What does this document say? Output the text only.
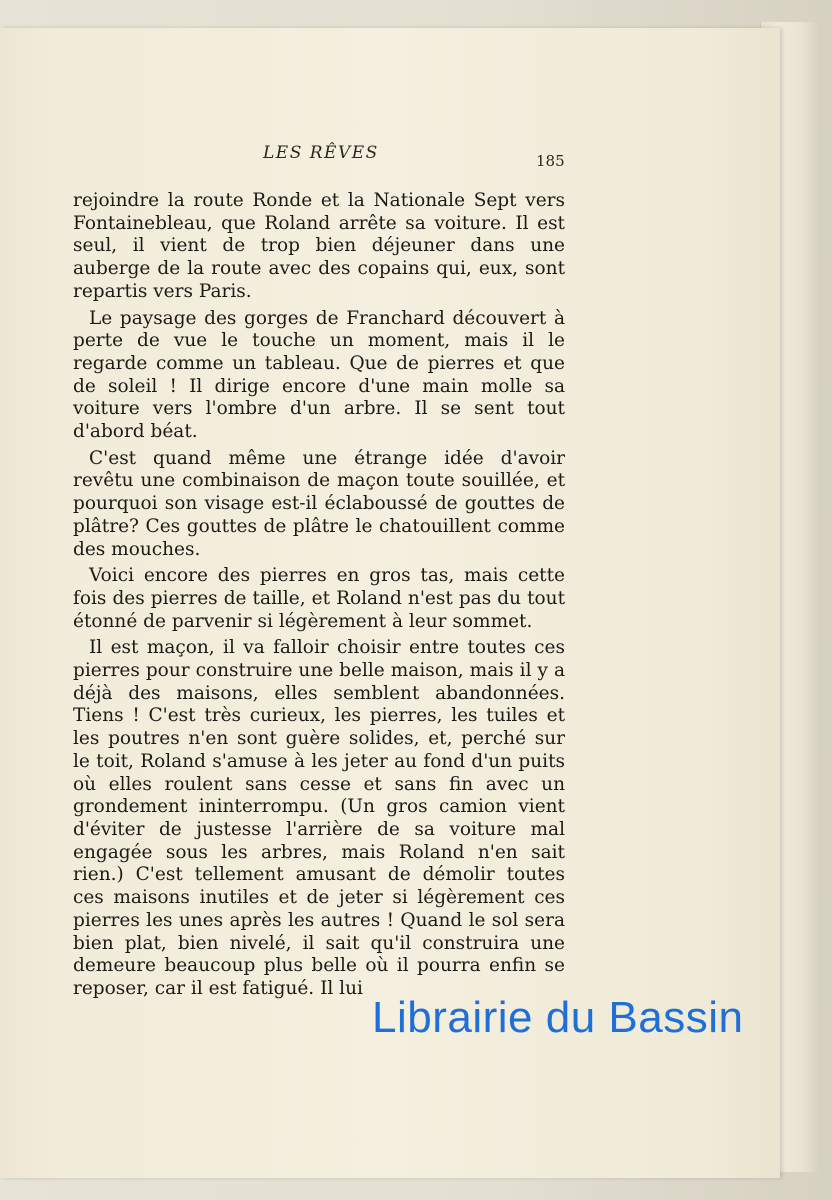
LES RÊVES	185

rejoindre la route Ronde et la Nationale Sept vers Fontainebleau, que Roland arrête sa voiture. Il est seul, il vient de trop bien déjeuner dans une auberge de la route avec des copains qui, eux, sont repartis vers Paris.

Le paysage des gorges de Franchard découvert à perte de vue le touche un moment, mais il le regarde comme un tableau. Que de pierres et que de soleil ! Il dirige encore d'une main molle sa voiture vers l'ombre d'un arbre. Il se sent tout d'abord béat.

C'est quand même une étrange idée d'avoir revêtu une combinaison de maçon toute souillée, et pourquoi son visage est-il éclaboussé de gouttes de plâtre? Ces gouttes de plâtre le chatouillent comme des mouches.

Voici encore des pierres en gros tas, mais cette fois des pierres de taille, et Roland n'est pas du tout étonné de parvenir si légèrement à leur sommet.

Il est maçon, il va falloir choisir entre toutes ces pierres pour construire une belle maison, mais il y a déjà des maisons, elles semblent abandonnées. Tiens ! C'est très curieux, les pierres, les tuiles et les poutres n'en sont guère solides, et, perché sur le toit, Roland s'amuse à les jeter au fond d'un puits où elles roulent sans cesse et sans fin avec un grondement ininterrompu. (Un gros camion vient d'éviter de justesse l'arrière de sa voiture mal engagée sous les arbres, mais Roland n'en sait rien.) C'est tellement amusant de démolir toutes ces maisons inutiles et de jeter si légèrement ces pierres les unes après les autres ! Quand le sol sera bien plat, bien nivelé, il sait qu'il construira une demeure beaucoup plus belle où il pourra enfin se reposer, car il est fatigué. Il lui

Librairie du Bassin
